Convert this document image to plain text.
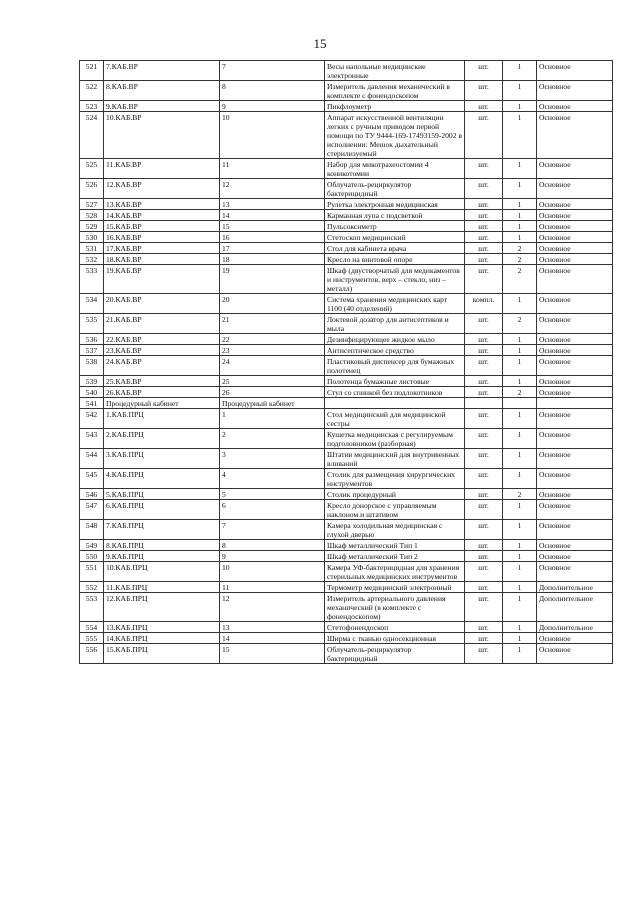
15
521	7.КАБ.ВР	7	Весы напольные медицинские электронные	шт.	1	Основное
522	8.КАБ.ВР	8	Измеритель давления механический в комплекте с фонендоскопом	шт.	1	Основное
523	9.КАБ.ВР	9	Пикфлоуметр	шт.	1	Основное
524	10.КАБ.ВР	10	Аппарат искусственной вентиляции легких с ручным приводом первой помощи по ТУ 9444-169-17493159-2002 в исполнении: Мешок дыхательный стерилизуемый	шт.	1	Основное
525	11.КАБ.ВР	11	Набор для микотрахеостомии 4 коникотомии	шт.	1	Основное
526	12.КАБ.ВР	12	Облучатель-рециркулятор бактерицидный	шт.	1	Основное
527	13.КАБ.ВР	13	Рулетка электронная медицинская	шт.	1	Основное
528	14.КАБ.ВР	14	Карманная лупа с подсветкой	шт.	1	Основное
529	15.КАБ.ВР	15	Пульсоксиметр	шт.	1	Основное
530	16.КАБ.ВР	16	Стетоскоп медицинский	шт.	1	Основное
531	17.КАБ.ВР	17	Стол для кабинета врача	шт.	2	Основное
532	18.КАБ.ВР	18	Кресло на винтовой опоре	шт.	2	Основное
533	19.КАБ.ВР	19	Шкаф (двустворчатый для медикаментов и инструментов, верх – стекло, низ – металл)	шт.	2	Основное
534	20.КАБ.ВР	20	Система хранения медицинских карт 1100 (40 отделений)	компл.	1	Основное
535	21.КАБ.ВР	21	Локтевой дозатор для антисептиков и мыла	шт.	2	Основное
536	22.КАБ.ВР	22	Дезинфицирующее жидкое мыло	шт.	1	Основное
537	23.КАБ.ВР	23	Антисептическое средство	шт.	1	Основное
538	24.КАБ.ВР	24	Пластиковый диспенсер для бумажных полотенец	шт.	1	Основное
539	25.КАБ.ВР	25	Полотенца бумажные листовые	шт.	1	Основное
540	26.КАБ.ВР	26	Стул со спинкой без подлокотников	шт.	2	Основное
541	Процедурный кабинет	Процедурный кабинет				
542	1.КАБ.ПРЦ	1	Стол медицинский для медицинской сестры	шт.	1	Основное
543	2.КАБ.ПРЦ	2	Кушетка медицинская с регулируемым подголовником (разборная)	шт.	1	Основное
544	3.КАБ.ПРЦ	3	Штатив медицинский для внутривенных вливаний	шт.	1	Основное
545	4.КАБ.ПРЦ	4	Столик для размещения хирургических инструментов	шт.	1	Основное
546	5.КАБ.ПРЦ	5	Столик процедурный	шт.	2	Основное
547	6.КАБ.ПРЦ	6	Кресло донорское с управляемым наклоном и штативом	шт.	1	Основное
548	7.КАБ.ПРЦ	7	Камера холодильная медицинская с глухой дверью	шт.	1	Основное
549	8.КАБ.ПРЦ	8	Шкаф металлический Тип 1	шт.	1	Основное
550	9.КАБ.ПРЦ	9	Шкаф металлический Тип 2	шт.	1	Основное
551	10.КАБ.ПРЦ	10	Камера УФ-бактерицидная для хранения стерильных медицинских инструментов	шт.	1	Основное
552	11.КАБ.ПРЦ	11	Термометр медицинский электронный	шт.	1	Дополнительное
553	12.КАБ.ПРЦ	12	Измеритель артериального давления механический (в комплекте с фонендоскопом)	шт.	1	Дополнительное
554	13.КАБ.ПРЦ	13	Стетофонендоскоп	шт.	1	Дополнительное
555	14.КАБ.ПРЦ	14	Ширма с тканью односекционная	шт.	1	Основное
556	15.КАБ.ПРЦ	15	Облучатель-рециркулятор бактерицидный	шт.	1	Основное
